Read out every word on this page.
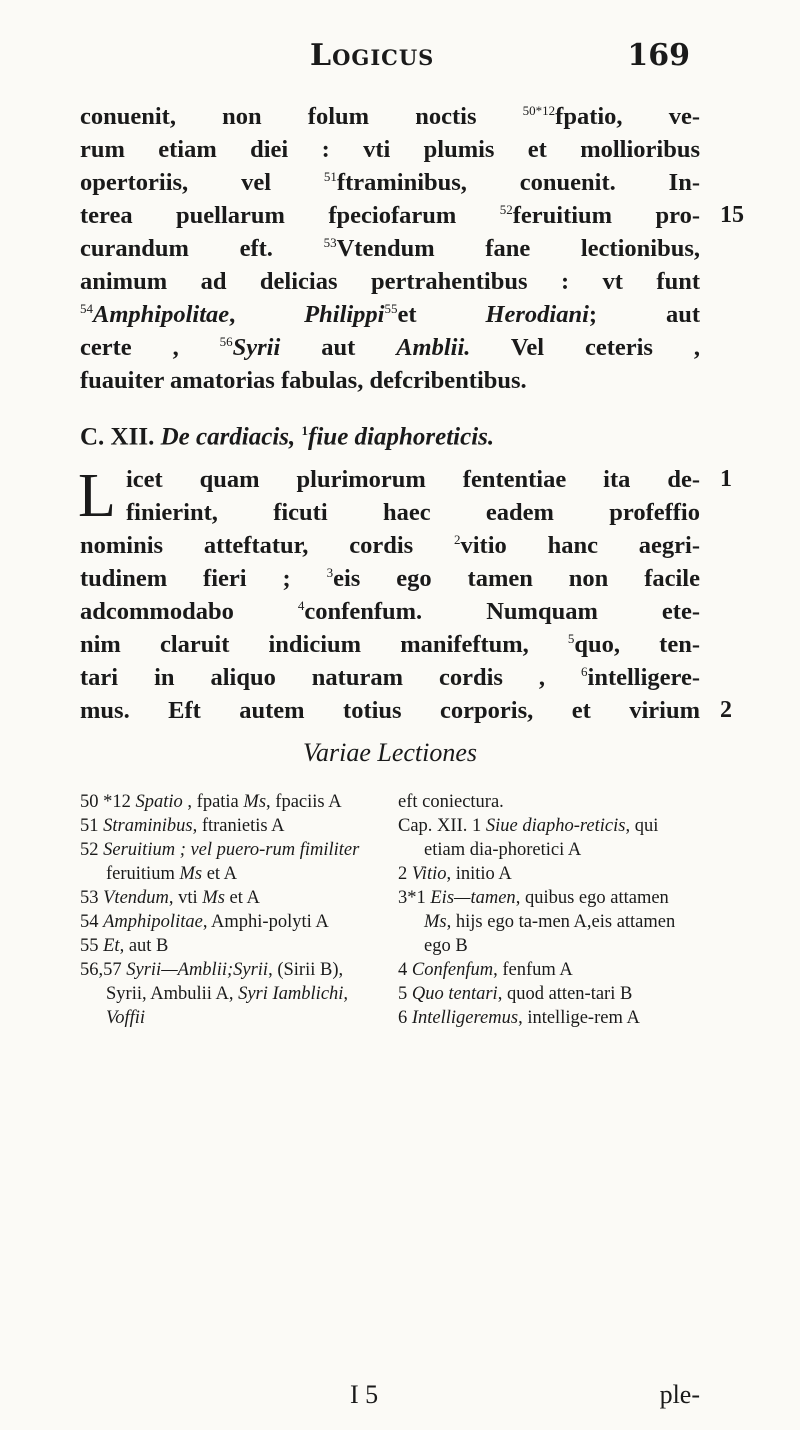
Logicus	169
conuenit, non folum noctis $^{50*12}$fpatio, ve-
rum etiam diei : vti plumis et mollioribus
opertoriis, vel $^{51}$ftraminibus, conuenit. In-
terea puellarum fpeciofarum $^{52}$feruitium pro- 15
curandum eft. $^{53}$Vtendum fane lectionibus,
animum ad delicias pertrahentibus : vt funt
$^{54}$Amphipolitae, Philippi$^{55}$et Herodiani; aut
certe , $^{56}$Syrii aut Amblii. Vel ceteris ,
fuauiter amatorias fabulas, defcribentibus.
C. XII. De cardiacis, $^1$fiue diaphoreticis.
L icet quam plurimorum fententiae ita de- 1
finierint, ficuti haec eadem profeffio
nominis atteftatur, cordis $^2$vitio hanc aegri-
tudinem fieri ; $^3$eis ego tamen non facile
adcommodabo $^4$confenfum. Numquam ete-
nim claruit indicium manifeftum, $^5$quo, ten-
tari in aliquo naturam cordis , $^6$intelligere-
mus. Eft autem totius corporis, et virium 2
Variae Lectiones
50 *12 Spatio , fpatia Ms, fpaciis A
51 Straminibus, ftranietis A
52 Seruitium ; vel puero-rum fimiliter feruitium Ms et A
53 Vtendum, vti Ms et A
54 Amphipolitae, Amphi-polyti A
55 Et, aut B
56,57 Syrii—Amblii;Syrii, (Sirii B), Syrii, Ambulii A, Syri Iamblichi, Voffii
eft coniectura.
Cap. XII. 1 Siue diapho-reticis, qui etiam dia-phoretici A
2 Vitio, initio A
3*1 Eis—tamen, quibus ego attamen Ms, hijs ego ta-men A,eis attamen ego B
4 Confenfum, fenfum A
5 Quo tentari, quod atten-tari B
6 Intelligeremus, intellige-rem A
I 5	ple-
